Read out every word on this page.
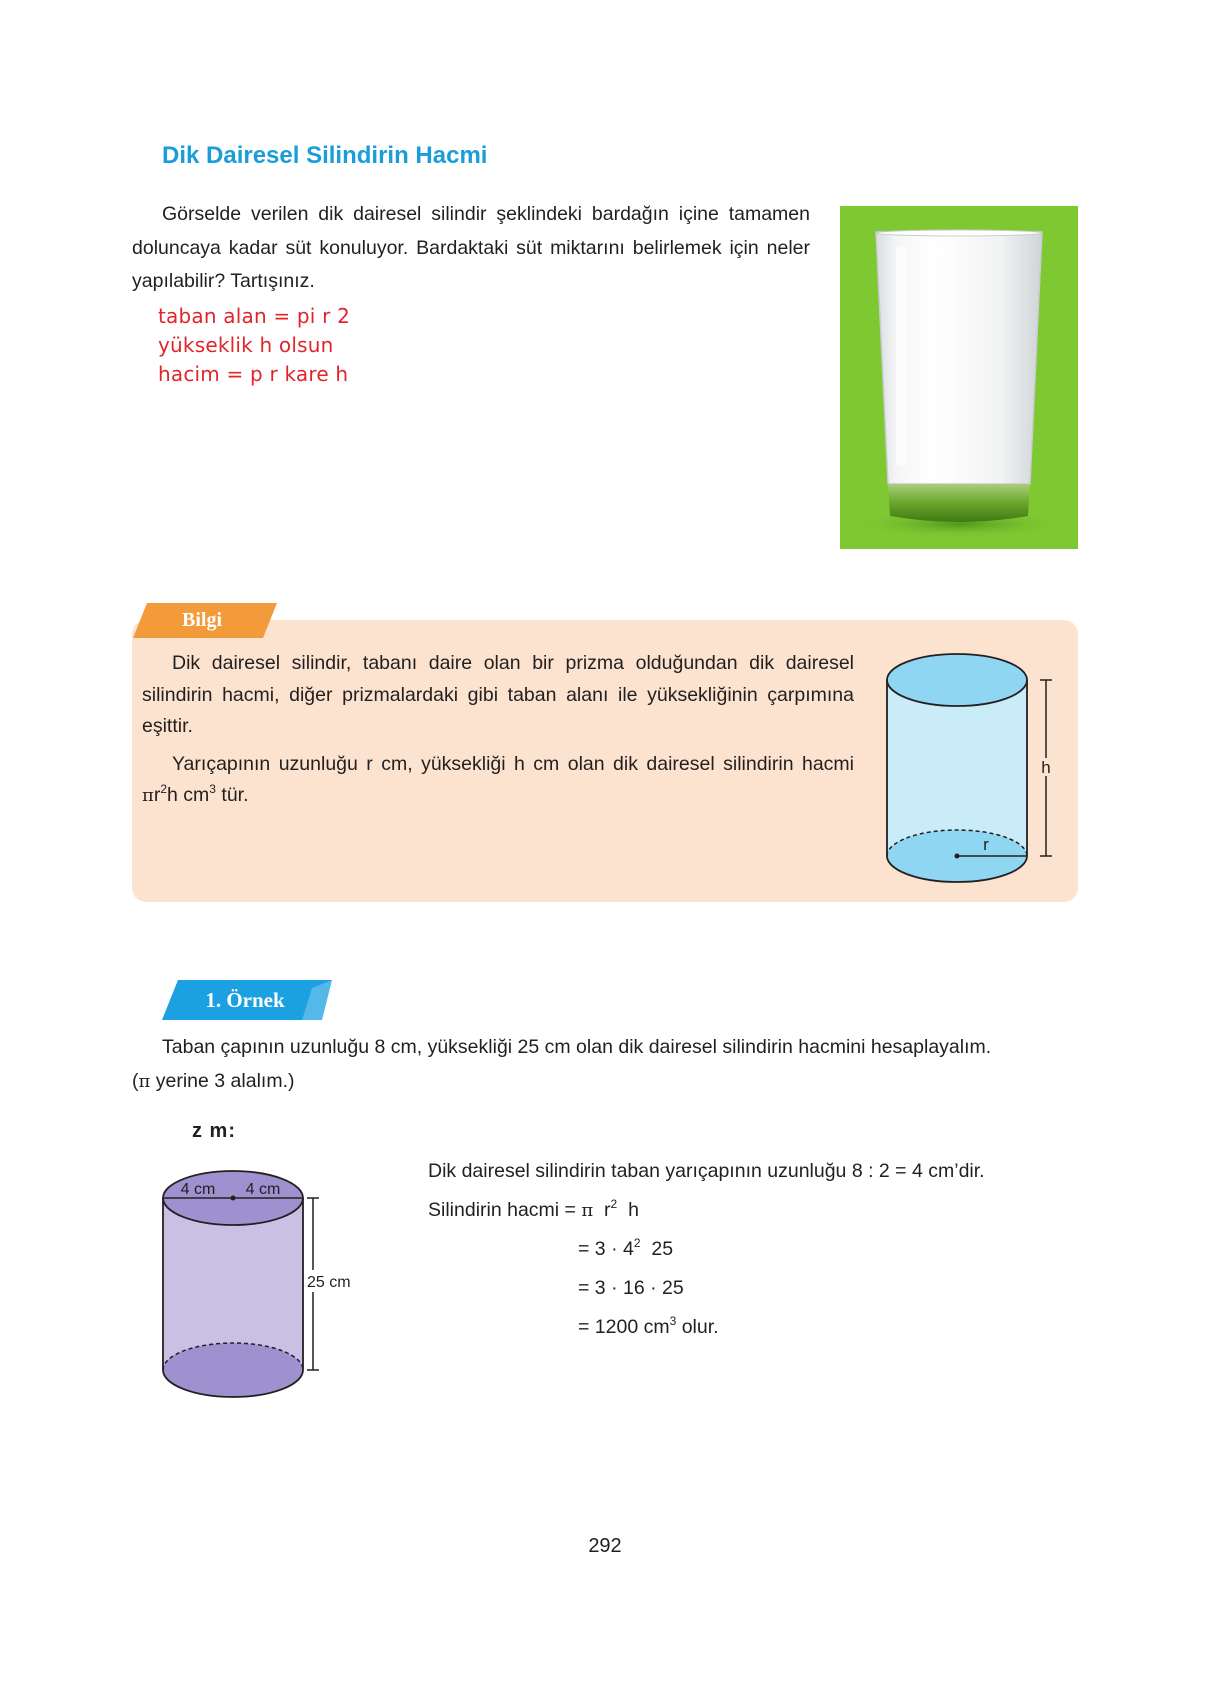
Dik Dairesel Silindirin Hacmi

Görselde verilen dik dairesel silindir şeklindeki bardağın içine tamamen doluncaya kadar süt konuluyor. Bardaktaki süt miktarını belirlemek için neler yapılabilir? Tartışınız.

taban alan = pi r 2
yükseklik h olsun
hacim = p r kare h
Bilgi

Dik dairesel silindir, tabanı daire olan bir prizma olduğundan dik dairesel silindirin hacmi, diğer prizmalardaki gibi taban alanı ile yüksekliğinin çarpımına eşittir.

Yarıçapının uzunluğu r cm, yüksekliği h cm olan dik dairesel silindirin hacmi $\pi r^2h$ $cm^3$ tür.

h
r
1. Örnek

Taban çapının uzunluğu 8 cm, yüksekliği 25 cm olan dik dairesel silindirin hacmini hesaplayalım.

(π yerine 3 alalım.)
z m:
4 cm 4 cm
25 cm
Dik dairesel silindirin taban yarıçapının uzunluğu 8 : 2 = 4 cm’dir.
Silindirin hacmi = π $r^2$ h
= $3 \cdot 4^2$ 25
= 3 · 16 · 25
= 1200 $cm^3$ olur.
292
